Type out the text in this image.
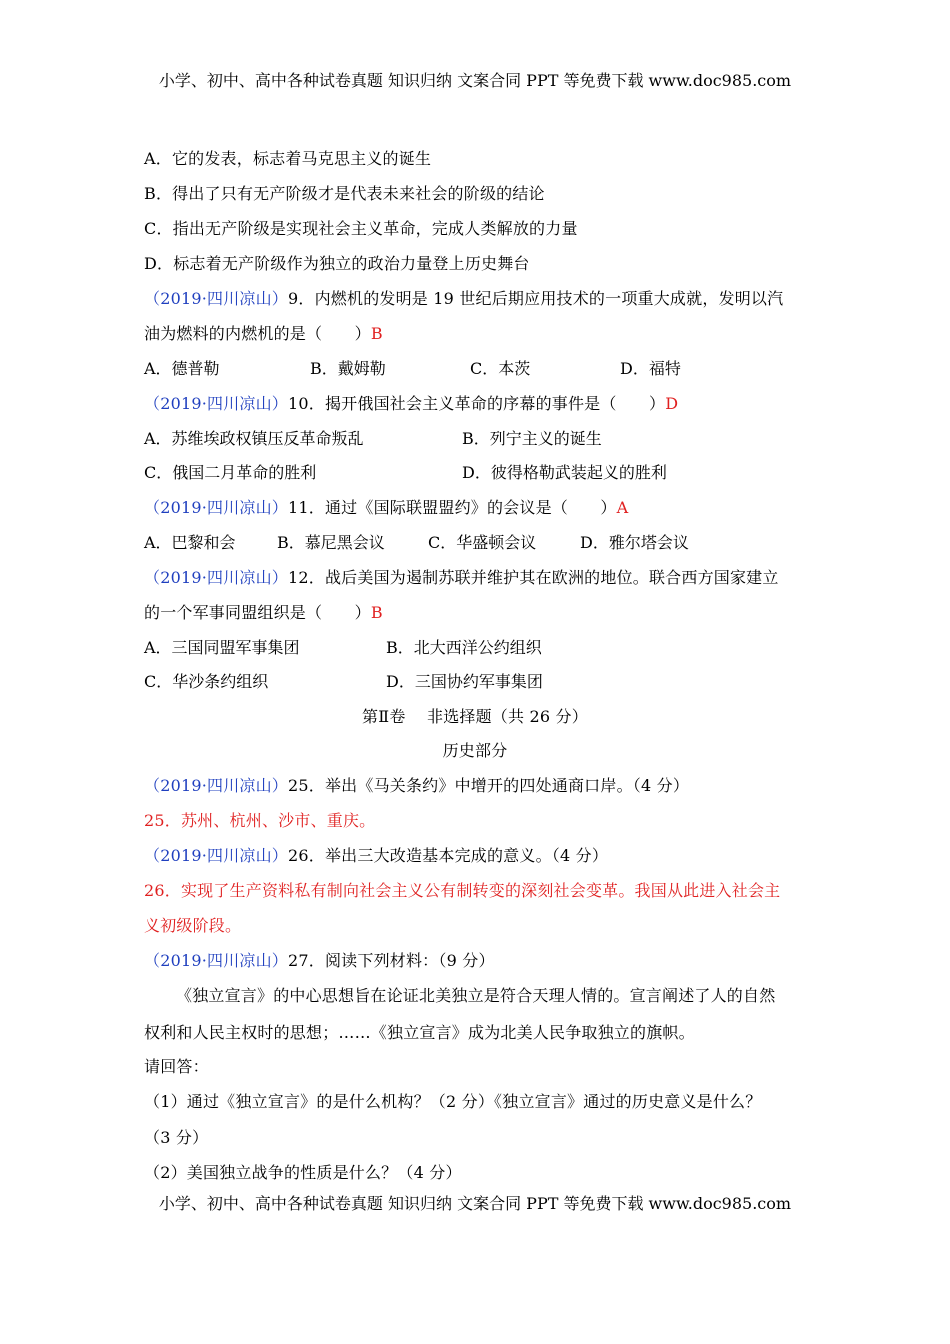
小学、初中、高中各种试卷真题 知识归纳 文案合同 PPT 等免费下载 www.doc985.com
A．它的发表，标志着马克思主义的诞生
B．得出了只有无产阶级才是代表未来社会的阶级的结论
C．指出无产阶级是实现社会主义革命，完成人类解放的力量
D．标志着无产阶级作为独立的政治力量登上历史舞台
（2019·四川凉山）9．内燃机的发明是 19 世纪后期应用技术的一项重大成就，发明以汽
油为燃料的内燃机的是（　　）B
A．德普勒	B．戴姆勒	C．本茨	D．福特
（2019·四川凉山）10．揭开俄国社会主义革命的序幕的事件是（　　）D
A．苏维埃政权镇压反革命叛乱	B．列宁主义的诞生
C．俄国二月革命的胜利	D．彼得格勒武装起义的胜利
（2019·四川凉山）11．通过《国际联盟盟约》的会议是（　　）A
A．巴黎和会	B．慕尼黑会议	C．华盛顿会议	D．雅尔塔会议
（2019·四川凉山）12．战后美国为遏制苏联并维护其在欧洲的地位。联合西方国家建立
的一个军事同盟组织是（　　）B
A．三国同盟军事集团	B．北大西洋公约组织
C．华沙条约组织	D．三国协约军事集团
第Ⅱ卷　 非选择题（共 26 分）
历史部分
（2019·四川凉山）25．举出《马关条约》中增开的四处通商口岸。（4 分）
25．苏州、杭州、沙市、重庆。
（2019·四川凉山）26．举出三大改造基本完成的意义。（4 分）
26．实现了生产资料私有制向社会主义公有制转变的深刻社会变革。我国从此进入社会主
义初级阶段。
（2019·四川凉山）27．阅读下列材料：（9 分）
《独立宣言》的中心思想旨在论证北美独立是符合天理人情的。宣言阐述了人的自然
权利和人民主权时的思想；……《独立宣言》成为北美人民争取独立的旗帜。
请回答：
（1）通过《独立宣言》的是什么机构？（2 分）《独立宣言》通过的历史意义是什么？
（3 分）
（2）美国独立战争的性质是什么？（4 分）
小学、初中、高中各种试卷真题 知识归纳 文案合同 PPT 等免费下载 www.doc985.com
